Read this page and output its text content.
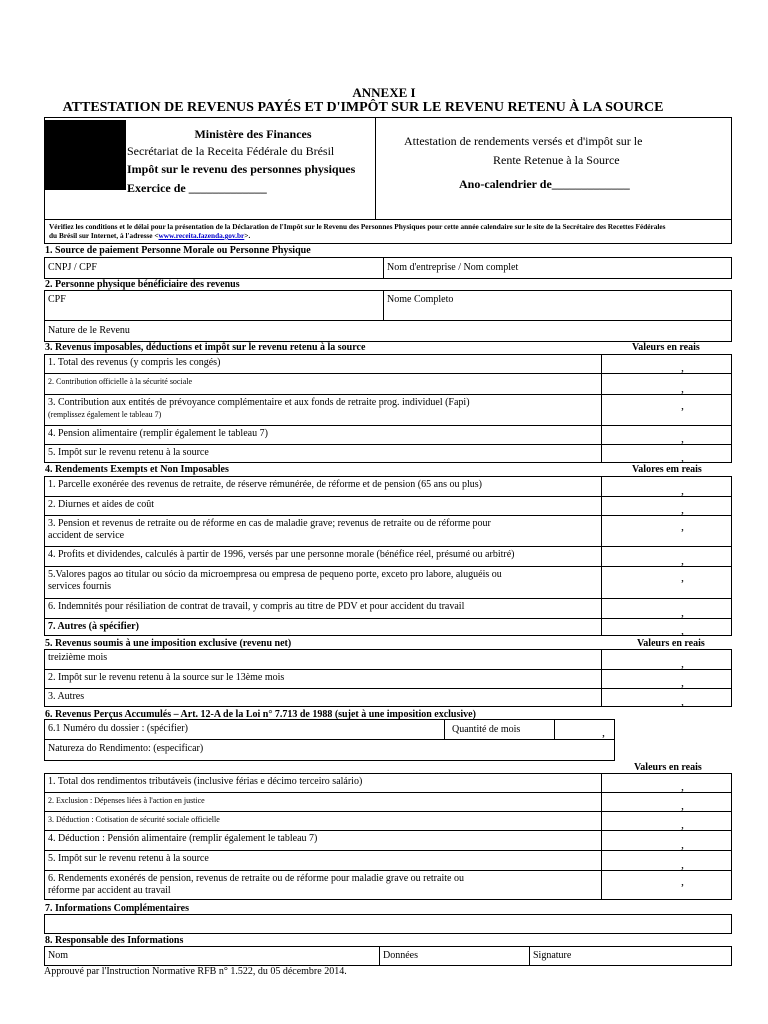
ANNEXE I
ATTESTATION DE REVENUS PAYÉS ET D'IMPÔT SUR LE REVENU RETENU À LA SOURCE
Ministère des Finances
Secrétariat de la Receita Fédérale du Brésil
Impôt sur le revenu des personnes physiques
Exercice de _____________
Attestation de rendements versés et d'impôt sur le
Rente Retenue à la Source
Ano-calendrier de_____________
Vérifiez les conditions et le délai pour la présentation de la Déclaration de l'Impôt sur le Revenu des Personnes Physiques pour cette année calendaire sur le site de la Secrétaire des Recettes Fédérales
du Brésil sur Internet, à l'adresse <www.receita.fazenda.gov.br>.
1. Source de paiement Personne Morale ou Personne Physique
CNPJ / CPF	Nom d'entreprise / Nom complet
2. Personne physique bénéficiaire des revenus
CPF	Nome Completo
Nature de le Revenu
3. Revenus imposables, déductions et impôt sur le revenu retenu à la source	Valeurs en reais
1. Total des revenus (y compris les congés)	,
2. Contribution officielle à la sécurité sociale	,
3. Contribution aux entités de prévoyance complémentaire et aux fonds de retraite prog. individuel (Fapi)
(remplissez également le tableau 7)
,
4. Pension alimentaire (remplir également le tableau 7)	,
5. Impôt sur le revenu retenu à la source	,
4. Rendements Exempts et Non Imposables	Valores em reais
1. Parcelle exonérée des revenus de retraite, de réserve rémunérée, de réforme et de pension (65 ans ou plus)	,
2. Diurnes et aides de coût	,
3. Pension et revenus de retraite ou de réforme en cas de maladie grave; revenus de retraite ou de réforme pour
accident de service
,
4. Profits et dividendes, calculés à partir de 1996, versés par une personne morale (bénéfice réel, présumé ou arbitré)	,
5.Valores pagos ao titular ou sócio da microempresa ou empresa de pequeno porte, exceto pro labore, aluguéis ou
services fournis
,
6. Indemnités pour résiliation de contrat de travail, y compris au titre de PDV et pour accident du travail	,
7. Autres (à spécifier)	,
5. Revenus soumis à une imposition exclusive (revenu net)	Valeurs en reais
treizième mois	,
2. Impôt sur le revenu retenu à la source sur le 13ème mois	,
3. Autres	,
6. Revenus Perçus Accumulés – Art. 12-A de la Loi n° 7.713 de 1988 (sujet à une imposition exclusive)
6.1 Numéro du dossier : (spécifier)	Quantité de mois	,
Natureza do Rendimento: (especificar)
Valeurs en reais
1. Total dos rendimentos tributáveis (inclusive férias e décimo terceiro salário)	,
2. Exclusion : Dépenses liées à l'action en justice	,
3. Déduction : Cotisation de sécurité sociale officielle	,
4. Déduction : Pensión alimentaire (remplir également le tableau 7)	,
5. Impôt sur le revenu retenu à la source	,
6. Rendements exonérés de pension, revenus de retraite ou de réforme pour maladie grave ou retraite ou
réforme par accident au travail
,
7. Informations Complémentaires
8. Responsable des Informations
Nom	Données	Signature
Approuvé par l'Instruction Normative RFB n° 1.522, du 05 décembre 2014.
